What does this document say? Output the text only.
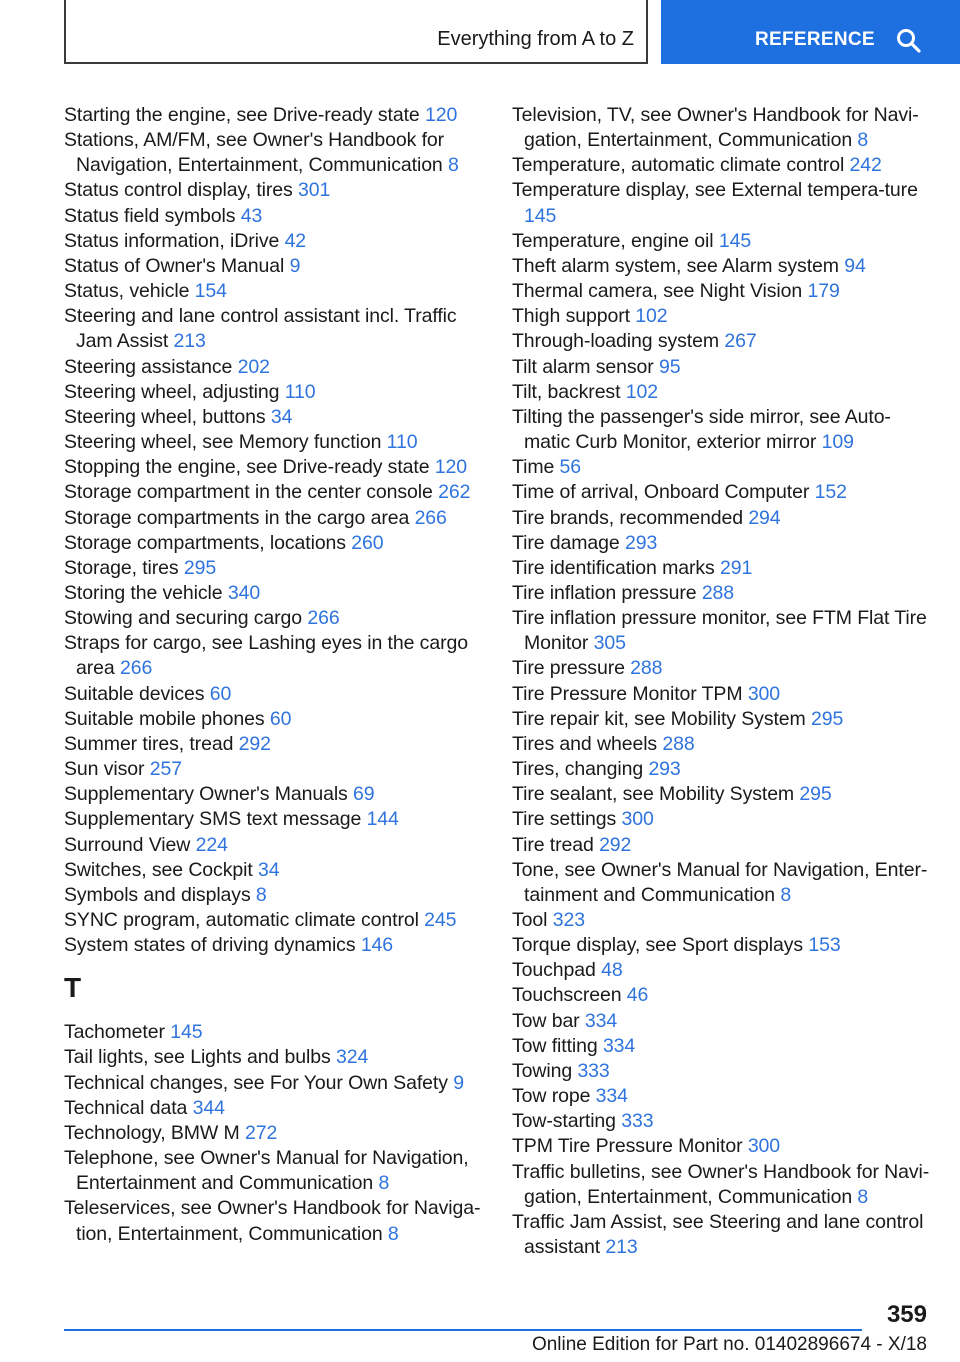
Everything from A to Z	REFERENCE
Starting the engine, see Drive-ready state 120
Stations, AM/FM, see Owner's Handbook for Navigation, Entertainment, Communication 8
Status control display, tires 301
Status field symbols 43
Status information, iDrive 42
Status of Owner's Manual 9
Status, vehicle 154
Steering and lane control assistant incl. Traffic Jam Assist 213
Steering assistance 202
Steering wheel, adjusting 110
Steering wheel, buttons 34
Steering wheel, see Memory function 110
Stopping the engine, see Drive-ready state 120
Storage compartment in the center console 262
Storage compartments in the cargo area 266
Storage compartments, locations 260
Storage, tires 295
Storing the vehicle 340
Stowing and securing cargo 266
Straps for cargo, see Lashing eyes in the cargo area 266
Suitable devices 60
Suitable mobile phones 60
Summer tires, tread 292
Sun visor 257
Supplementary Owner's Manuals 69
Supplementary SMS text message 144
Surround View 224
Switches, see Cockpit 34
Symbols and displays 8
SYNC program, automatic climate control 245
System states of driving dynamics 146
T
Tachometer 145
Tail lights, see Lights and bulbs 324
Technical changes, see For Your Own Safety 9
Technical data 344
Technology, BMW M 272
Telephone, see Owner's Manual for Navigation, Entertainment and Communication 8
Teleservices, see Owner's Handbook for Naviga-tion, Entertainment, Communication 8
Television, TV, see Owner's Handbook for Navi-gation, Entertainment, Communication 8
Temperature, automatic climate control 242
Temperature display, see External tempera-ture 145
Temperature, engine oil 145
Theft alarm system, see Alarm system 94
Thermal camera, see Night Vision 179
Thigh support 102
Through-loading system 267
Tilt alarm sensor 95
Tilt, backrest 102
Tilting the passenger's side mirror, see Auto-matic Curb Monitor, exterior mirror 109
Time 56
Time of arrival, Onboard Computer 152
Tire brands, recommended 294
Tire damage 293
Tire identification marks 291
Tire inflation pressure 288
Tire inflation pressure monitor, see FTM Flat Tire Monitor 305
Tire pressure 288
Tire Pressure Monitor TPM 300
Tire repair kit, see Mobility System 295
Tires and wheels 288
Tires, changing 293
Tire sealant, see Mobility System 295
Tire settings 300
Tire tread 292
Tone, see Owner's Manual for Navigation, Enter-tainment and Communication 8
Tool 323
Torque display, see Sport displays 153
Touchpad 48
Touchscreen 46
Tow bar 334
Tow fitting 334
Towing 333
Tow rope 334
Tow-starting 333
TPM Tire Pressure Monitor 300
Traffic bulletins, see Owner's Handbook for Navi-gation, Entertainment, Communication 8
Traffic Jam Assist, see Steering and lane control assistant 213
359
Online Edition for Part no. 01402896674 - X/18
